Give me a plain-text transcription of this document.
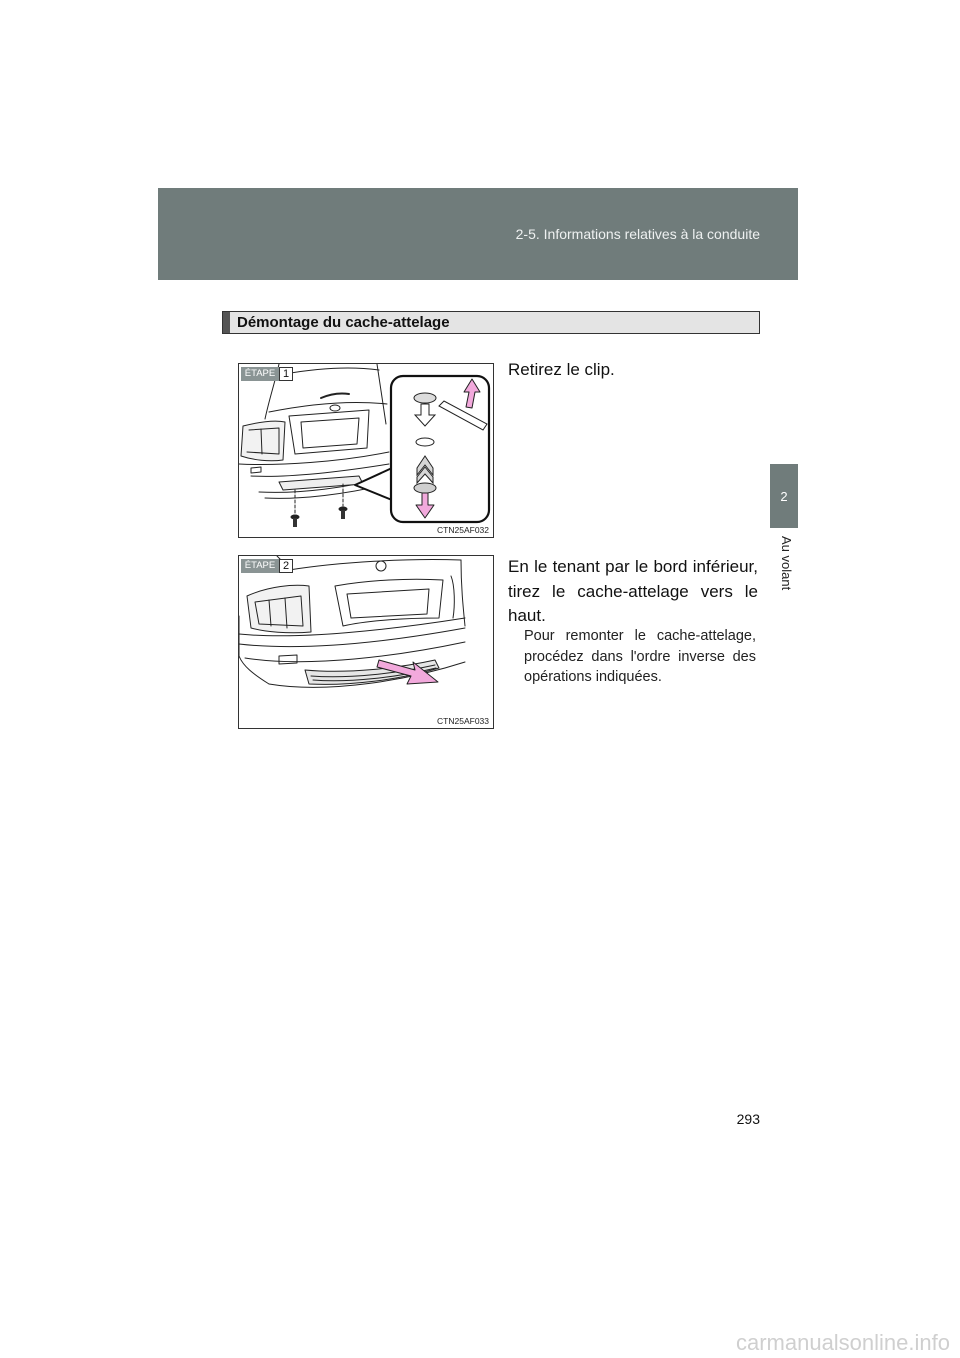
2-5. Informations relatives à la conduite
2
Au volant
Démontage du cache-attelage
ÉTAPE 1
CTN25AF032
Retirez le clip.
ÉTAPE 2
CTN25AF033
En le tenant par le bord inférieur, tirez le cache-attelage vers le haut.
Pour remonter le cache-attelage, procédez dans l'ordre inverse des opérations indiquées.
293
carmanualsonline.info
